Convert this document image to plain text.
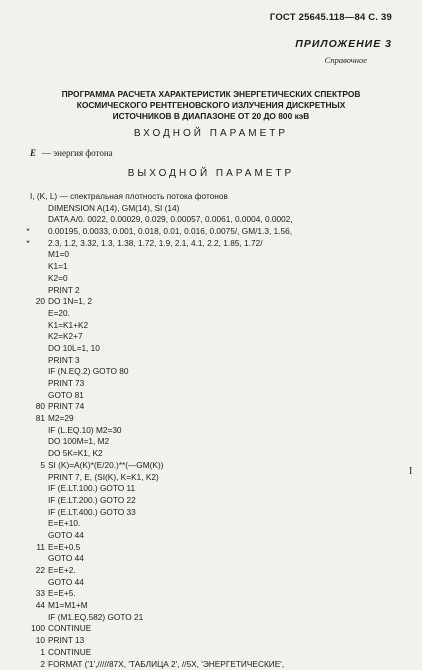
ГОСТ 25645.118—84 С. 39
ПРИЛОЖЕНИЕ 3
Справочное
ПРОГРАММА РАСЧЕТА ХАРАКТЕРИСТИК ЭНЕРГЕТИЧЕСКИХ СПЕКТРОВ
КОСМИЧЕСКОГО РЕНТГЕНОВСКОГО ИЗЛУЧЕНИЯ ДИСКРЕТНЫХ
ИСТОЧНИКОВ В ДИАПАЗОНЕ ОТ 20 ДО 800 кэВ
ВХОДНОЙ ПАРАМЕТР
E — энергия фотона
ВЫХОДНОЙ ПАРАМЕТР
I, (K, L) — спектральная плотность потока фотонов
DIMENSION A(14), GM(14), SI (14)
DATA A/0. 0022, 0.00029, 0.029, 0.00057, 0.0061, 0.0004, 0.0002,
*	0.00195, 0.0033, 0.001, 0.018, 0.01, 0.016, 0.0075/, GM/1.3, 1.56,
*	2.3, 1.2, 3.32, 1.3, 1.38, 1.72, 1.9, 2.1, 4.1, 2.2, 1.85, 1.72/
M1=0
K1=1
K2=0
PRINT 2
20 DO 1N=1, 2
E=20.
K1=K1+K2
K2=K2+7
DO 10L=1, 10
PRINT 3
IF (N.EQ.2) GOTO 80
PRINT 73
GOTO 81
80 PRINT 74
81 M2=29
IF (L.EQ.10) M2=30
DO 100M=1, M2
DO 5K=K1, K2
5 SI (K)=A(K)*(E/20.)**(—GM(K))
PRINT 7, E, (SI(K), K=K1, K2)
IF (E.LT.100.) GOTO 11
IF (E.LT.200.) GOTO 22
IF (E.LT.400.) GOTO 33
E=E+10.
GOTO 44
11 E=E+0.5
GOTO 44
22 E=E+2.
GOTO 44
33 E=E+5.
44 M1=M1+M
IF (M1.EQ.582) GOTO 21
100 CONTINUE
10 PRINT 13
1 CONTINUE
2 FORMAT ('1',/////87X, 'ТАБЛИЦА 2', //5X, 'ЭНЕРГЕТИЧЕСКИЕ',
I
